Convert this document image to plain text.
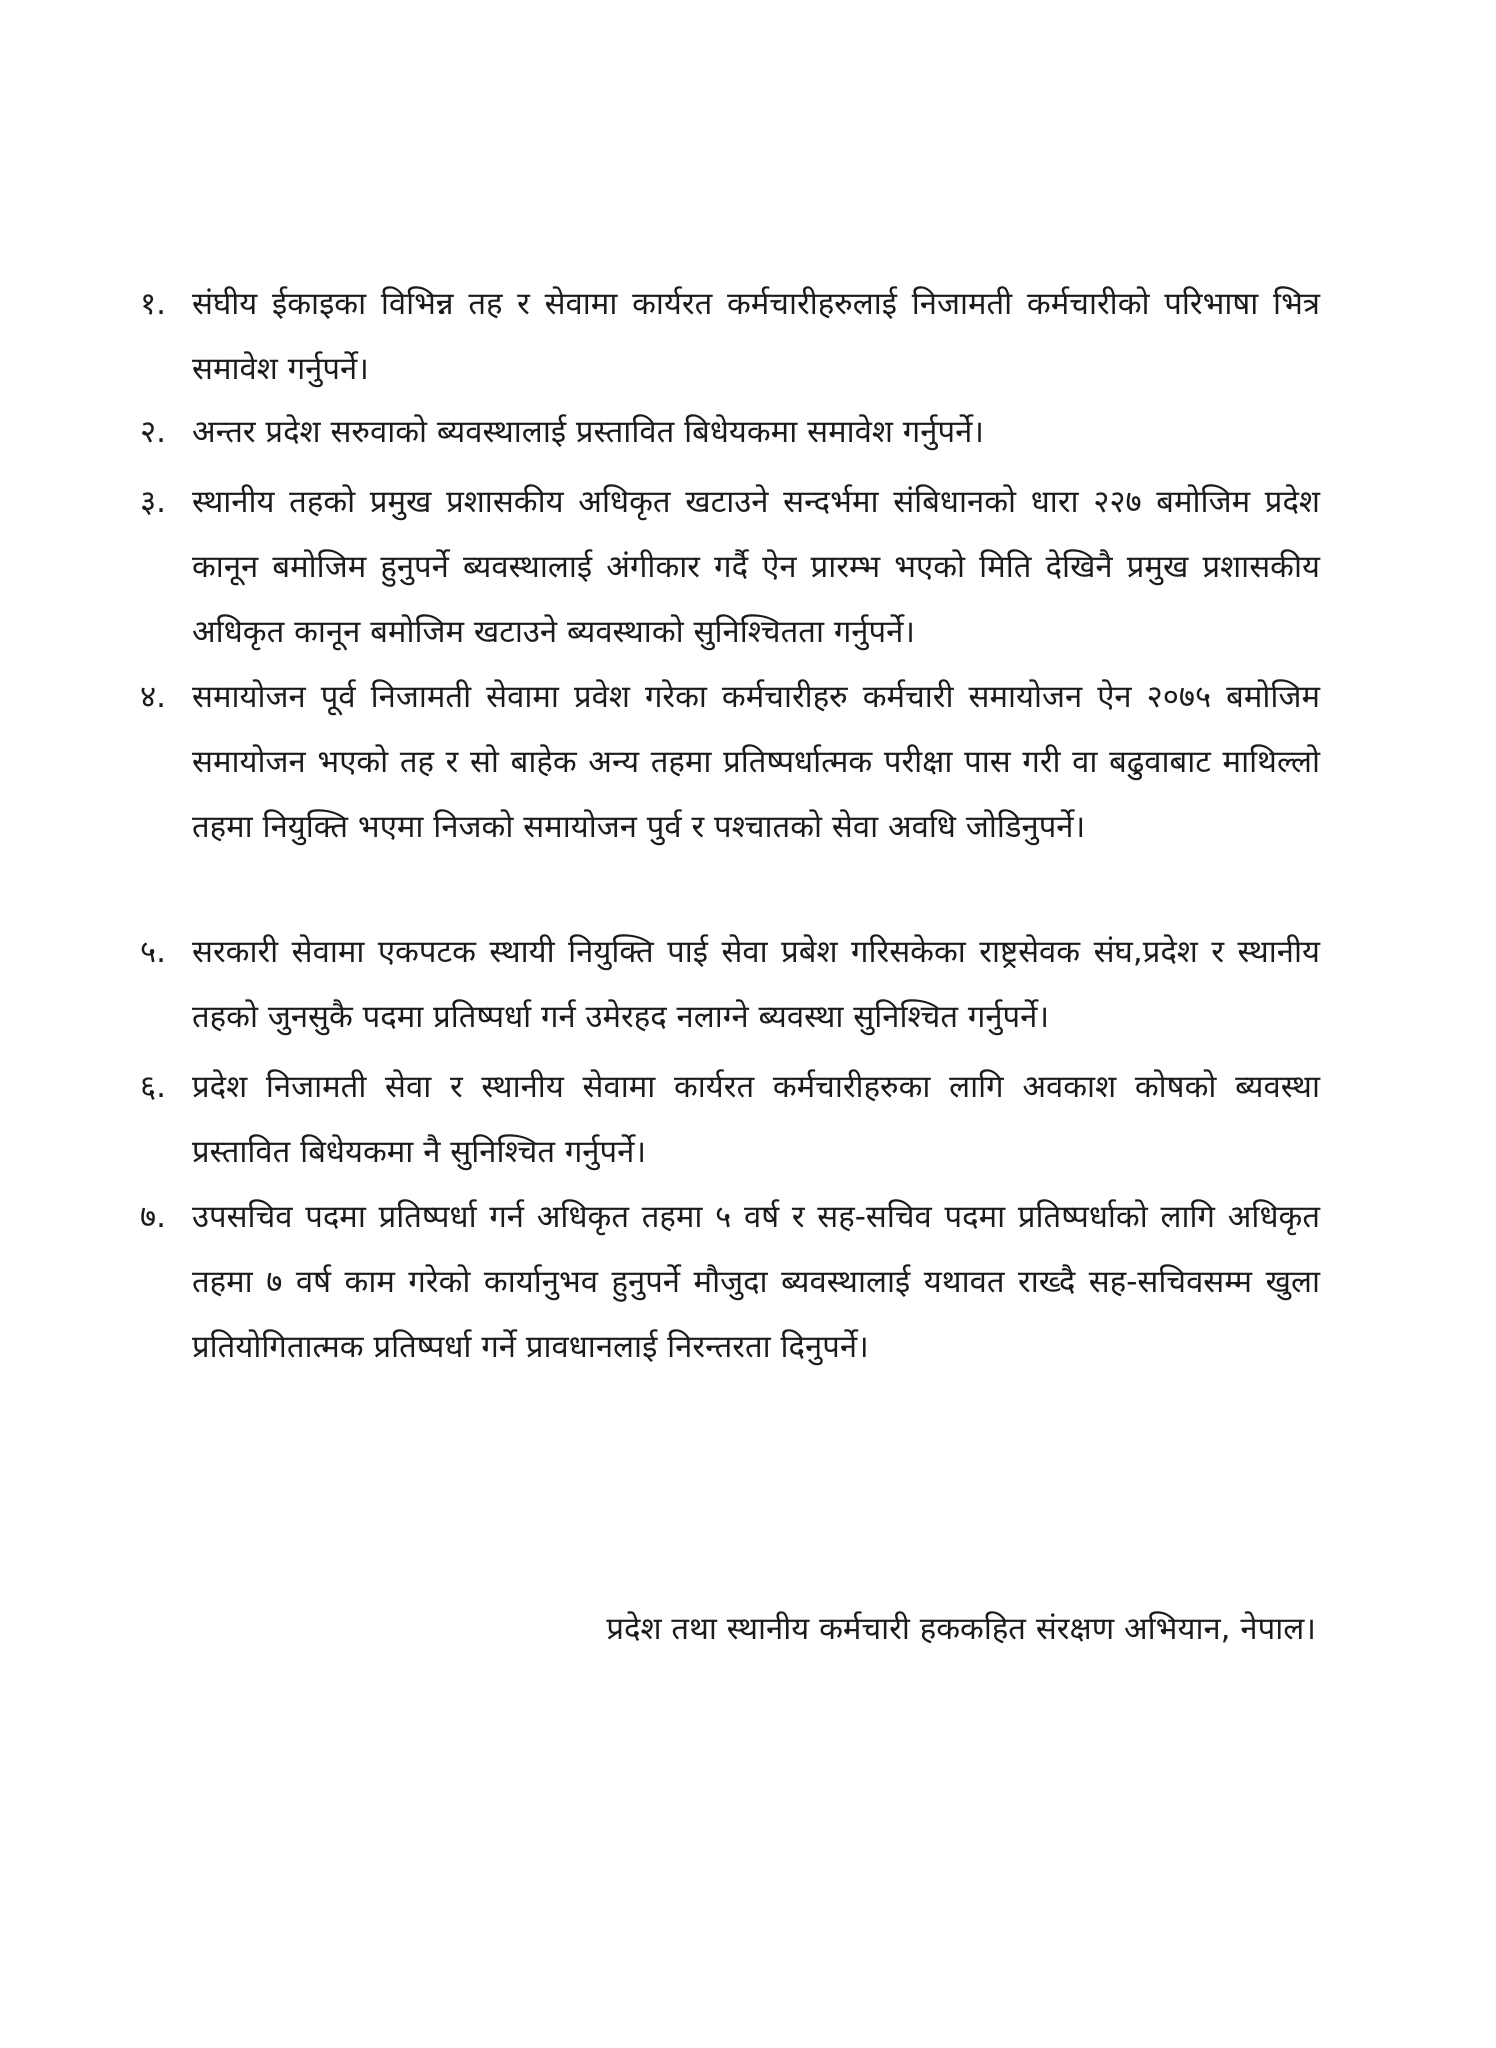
१. संघीय ईकाइका विभिन्न तह र सेवामा कार्यरत कर्मचारीहरुलाई निजामती कर्मचारीको परिभाषा भित्र समावेश गर्नुपर्ने।
२. अन्तर प्रदेश सरुवाको ब्यवस्थालाई प्रस्तावित बिधेयकमा समावेश गर्नुपर्ने।
३. स्थानीय तहको प्रमुख प्रशासकीय अधिकृत खटाउने सन्दर्भमा संबिधानको धारा २२७ बमोजिम प्रदेश कानून बमोजिम हुनुपर्ने ब्यवस्थालाई अंगीकार गर्दै ऐन प्रारम्भ भएको मिति देखिनै प्रमुख प्रशासकीय अधिकृत कानून बमोजिम खटाउने ब्यवस्थाको सुनिश्चितता गर्नुपर्ने।
४. समायोजन पूर्व निजामती सेवामा प्रवेश गरेका कर्मचारीहरु कर्मचारी समायोजन ऐन २०७५ बमोजिम समायोजन भएको तह र सो बाहेक अन्य तहमा प्रतिष्पर्धात्मक परीक्षा पास गरी वा बढुवाबाट माथिल्लो तहमा नियुक्ति भएमा निजको समायोजन पुर्व र पश्चातको सेवा अवधि जोडिनुपर्ने।
५. सरकारी सेवामा एकपटक स्थायी नियुक्ति पाई सेवा प्रबेश गरिसकेका राष्ट्रसेवक संघ,प्रदेश र स्थानीय तहको जुनसुकै पदमा प्रतिष्पर्धा गर्न उमेरहद नलाग्ने ब्यवस्था सुनिश्चित गर्नुपर्ने।
६. प्रदेश निजामती सेवा र स्थानीय सेवामा कार्यरत कर्मचारीहरुका लागि अवकाश कोषको ब्यवस्था प्रस्तावित बिधेयकमा नै सुनिश्चित गर्नुपर्ने।
७. उपसचिव पदमा प्रतिष्पर्धा गर्न अधिकृत तहमा ५ वर्ष र सह-सचिव पदमा प्रतिष्पर्धाको लागि अधिकृत तहमा ७ वर्ष काम गरेको कार्यानुभव हुनुपर्ने मौजुदा ब्यवस्थालाई यथावत राख्दै सह-सचिवसम्म खुला प्रतियोगितात्मक प्रतिष्पर्धा गर्ने प्रावधानलाई निरन्तरता दिनुपर्ने।
प्रदेश तथा स्थानीय कर्मचारी हककहित संरक्षण अभियान, नेपाल।
